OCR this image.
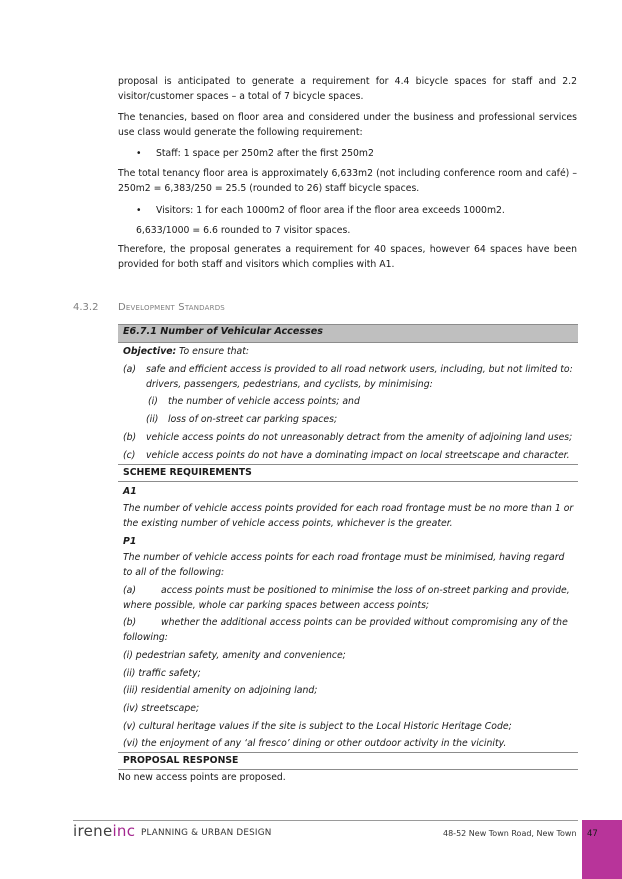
proposal is anticipated to generate a requirement for 4.4 bicycle spaces for staff and 2.2 visitor/customer spaces – a total of 7 bicycle spaces.

The tenancies, based on floor area and considered under the business and professional services use class would generate the following requirement:

• Staff: 1 space per 250m2 after the first 250m2

The total tenancy floor area is approximately 6,633m2 (not including conference room and café) – 250m2 = 6,383/250 = 25.5 (rounded to 26) staff bicycle spaces.

• Visitors: 1 for each 1000m2 of floor area if the floor area exceeds 1000m2.
6,633/1000 = 6.6 rounded to 7 visitor spaces.

Therefore, the proposal generates a requirement for 40 spaces, however 64 spaces have been provided for both staff and visitors which complies with A1.

4.3.2 Development Standards
E6.7.1 Number of Vehicular Accesses
Objective: To ensure that:
(a) safe and efficient access is provided to all road network users, including, but not limited to: drivers, passengers, pedestrians, and cyclists, by minimising:
(i) the number of vehicle access points; and
(ii) loss of on-street car parking spaces;
(b) vehicle access points do not unreasonably detract from the amenity of adjoining land uses;
(c) vehicle access points do not have a dominating impact on local streetscape and character.
SCHEME REQUIREMENTS
A1
The number of vehicle access points provided for each road frontage must be no more than 1 or the existing number of vehicle access points, whichever is the greater.
P1
The number of vehicle access points for each road frontage must be minimised, having regard to all of the following:
(a)	access points must be positioned to minimise the loss of on-street parking and provide, where possible, whole car parking spaces between access points;
(b)	whether the additional access points can be provided without compromising any of the following:
(i) pedestrian safety, amenity and convenience;
(ii) traffic safety;
(iii) residential amenity on adjoining land;
(iv) streetscape;
(v) cultural heritage values if the site is subject to the Local Historic Heritage Code;
(vi) the enjoyment of any ‘al fresco’ dining or other outdoor activity in the vicinity.
PROPOSAL RESPONSE
No new access points are proposed.
ireneinc PLANNING & URBAN DESIGN	48-52 New Town Road, New Town 47
